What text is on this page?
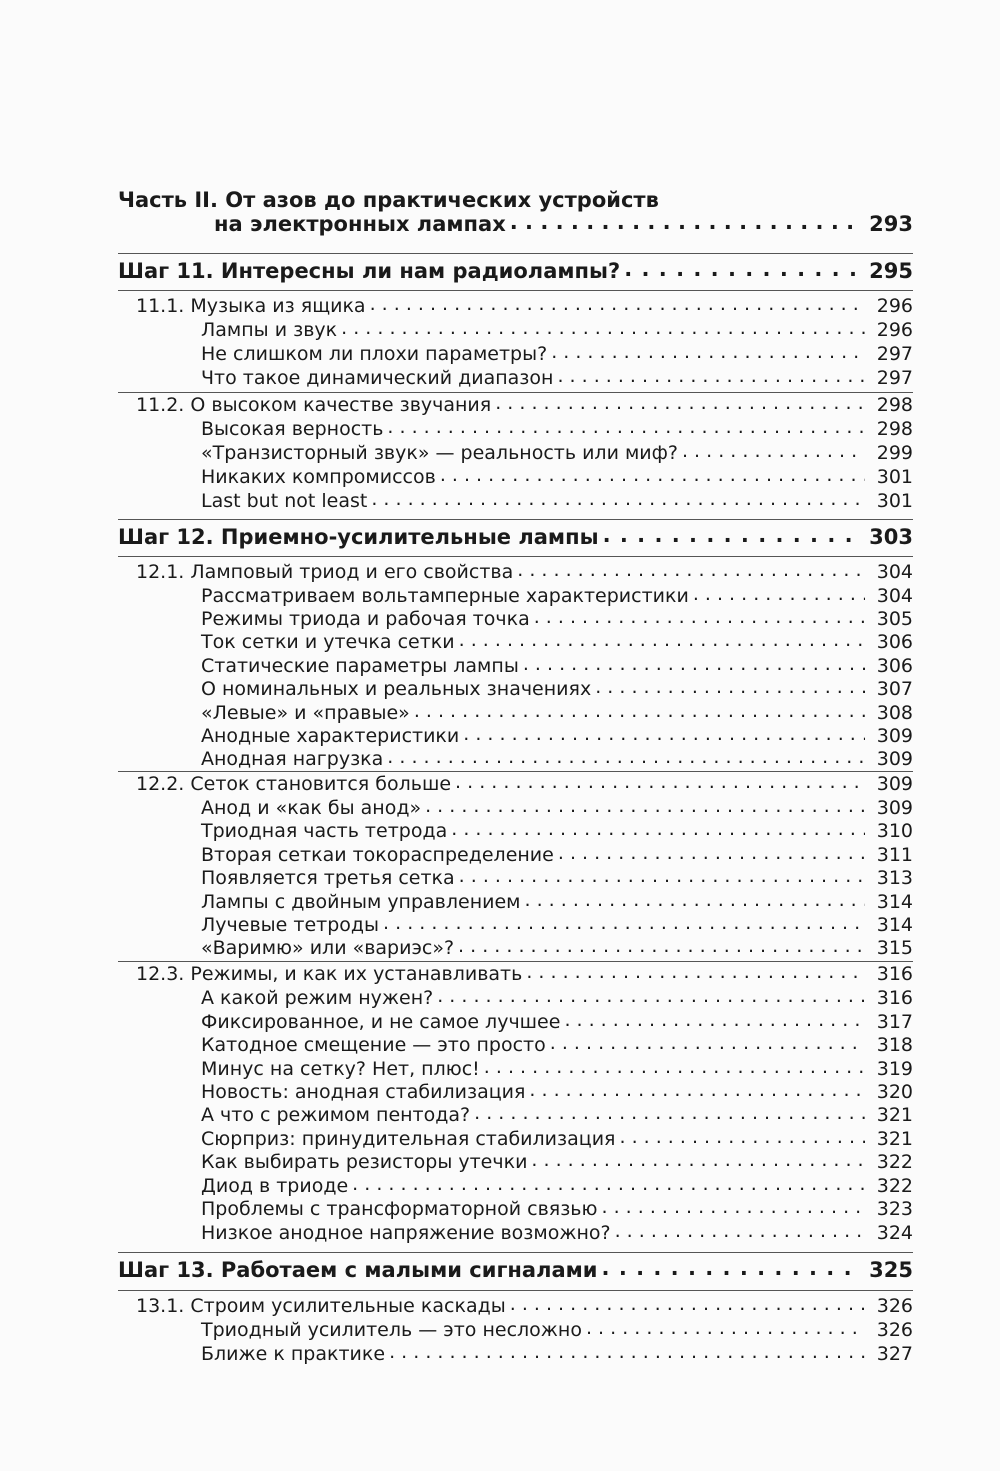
Часть II. От азов до практических устройств
на электронных лампах . . .	293
Шаг 11. Интересны ли нам радиолампы? . . .	295
11.1. Музыка из ящика . . .	296
Лампы и звук . . .	296
Не слишком ли плохи параметры? . . .	297
Что такое динамический диапазон . . .	297
11.2. О высоком качестве звучания . . .	298
Высокая верность . . .	298
«Транзисторный звук» — реальность или миф? . . .	299
Никаких компромиссов . . .	301
Last but not least . . .	301
Шаг 12. Приемно-усилительные лампы . . .	303
12.1. Ламповый триод и его свойства . . .	304
Рассматриваем вольтамперные характеристики . . .	304
Режимы триода и рабочая точка . . .	305
Ток сетки и утечка сетки . . .	306
Статические параметры лампы . . .	306
О номинальных и реальных значениях . . .	307
«Левые» и «правые» . . .	308
Анодные характеристики . . .	309
Анодная нагрузка . . .	309
12.2. Сеток становится больше . . .	309
Анод и «как бы анод» . . .	309
Триодная часть тетрода . . .	310
Вторая сеткаи токораспределение . . .	311
Появляется третья сетка . . .	313
Лампы с двойным управлением . . .	314
Лучевые тетроды . . .	314
«Варимю» или «вариэс»? . . .	315
12.3. Режимы, и как их устанавливать . . .	316
А какой режим нужен? . . .	316
Фиксированное, и не самое лучшее . . .	317
Катодное смещение — это просто . . .	318
Минус на сетку? Нет, плюс! . . .	319
Новость: анодная стабилизация . . .	320
А что с режимом пентода? . . .	321
Сюрприз: принудительная стабилизация . . .	321
Как выбирать резисторы утечки . . .	322
Диод в триоде . . .	322
Проблемы с трансформаторной связью . . .	323
Низкое анодное напряжение возможно? . . .	324
Шаг 13. Работаем с малыми сигналами . . .	325
13.1. Строим усилительные каскады . . .	326
Триодный усилитель — это несложно . . .	326
Ближе к практике . . .	327
